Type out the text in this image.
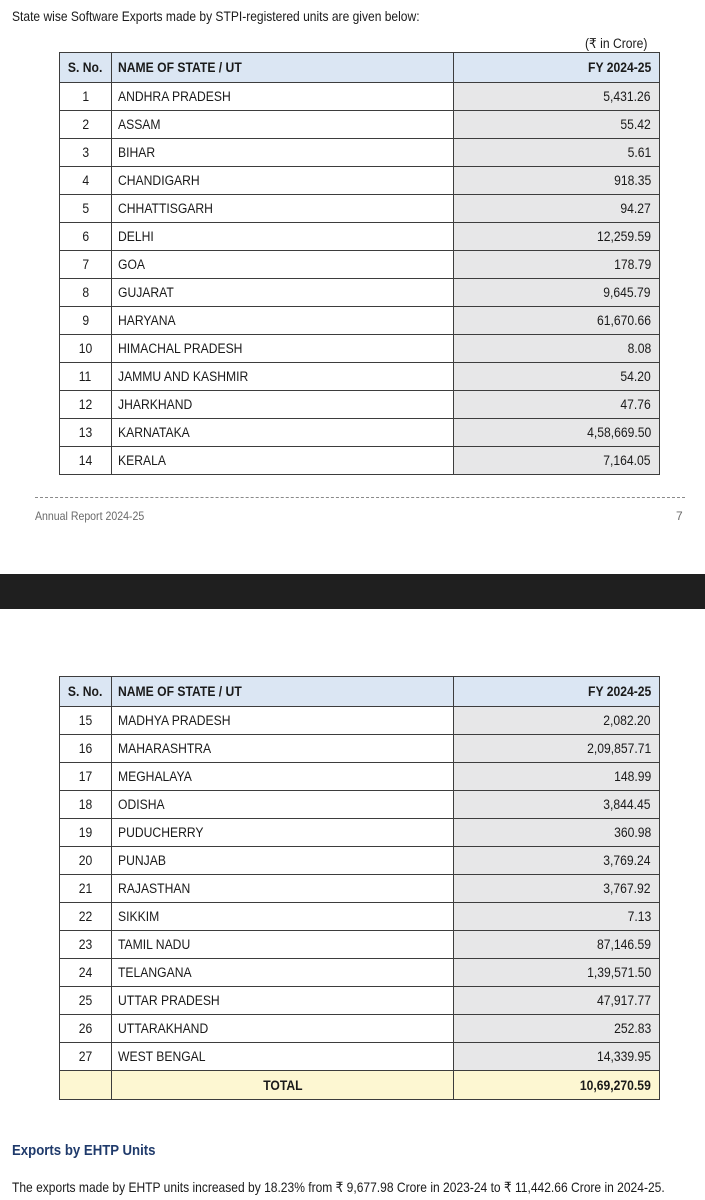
State wise Software Exports made by STPI-registered units are given below:
(₹ in Crore)
S. No.	NAME OF STATE / UT	FY 2024-25
1	ANDHRA PRADESH	5,431.26
2	ASSAM	55.42
3	BIHAR	5.61
4	CHANDIGARH	918.35
5	CHHATTISGARH	94.27
6	DELHI	12,259.59
7	GOA	178.79
8	GUJARAT	9,645.79
9	HARYANA	61,670.66
10	HIMACHAL PRADESH	8.08
11	JAMMU AND KASHMIR	54.20
12	JHARKHAND	47.76
13	KARNATAKA	4,58,669.50
14	KERALA	7,164.05
Annual Report 2024-25	7
S. No.	NAME OF STATE / UT	FY 2024-25
15	MADHYA PRADESH	2,082.20
16	MAHARASHTRA	2,09,857.71
17	MEGHALAYA	148.99
18	ODISHA	3,844.45
19	PUDUCHERRY	360.98
20	PUNJAB	3,769.24
21	RAJASTHAN	3,767.92
22	SIKKIM	7.13
23	TAMIL NADU	87,146.59
24	TELANGANA	1,39,571.50
25	UTTAR PRADESH	47,917.77
26	UTTARAKHAND	252.83
27	WEST BENGAL	14,339.95
	TOTAL	10,69,270.59
Exports by EHTP Units
The exports made by EHTP units increased by 18.23% from ₹ 9,677.98 Crore in 2023-24 to ₹ 11,442.66 Crore in 2024-25.
